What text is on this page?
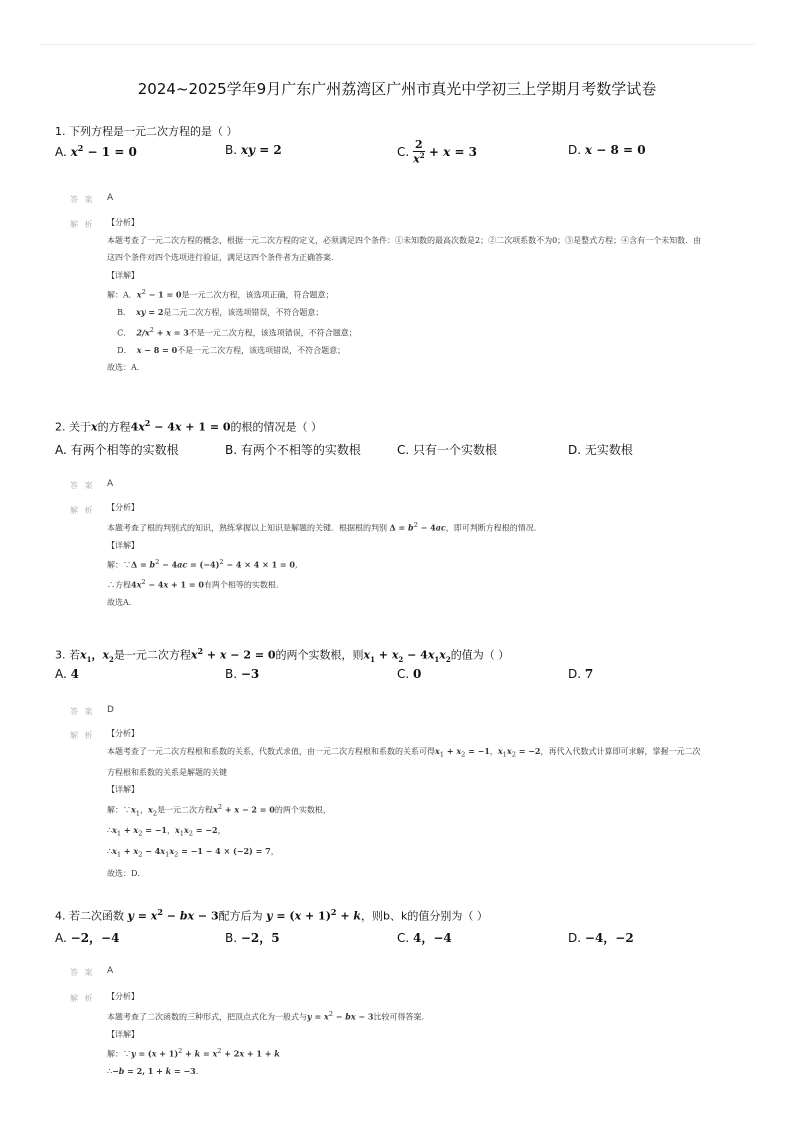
2024~2025学年9月广东广州荔湾区广州市真光中学初三上学期月考数学试卷
1. 下列方程是一元二次方程的是（ ）
A. $x^2 - 1 = 0$	B. xy = 2	C. $\frac{2}{x^2} + x = 3$	D. x − 8 = 0
答 案 A
解 析 【分析】
本题考查了一元二次方程的概念，根据一元二次方程的定义，必须满足四个条件：①未知数的最高次数是2；②二次项系数不为0；③是整式方程；④含有一个未知数．由这四个条件对四个选项进行验证，满足这四个条件者为正确答案．
【详解】
解：A．$x^2 - 1 = 0$是一元二次方程，该选项正确，符合题意；
B． xy = 2是二元二次方程，该选项错误，不符合题意；
C． $2/x^2 + x = 3$不是一元二次方程，该选项错误，不符合题意；
D． x − 8 = 0不是一元二次方程，该选项错误，不符合题意；
故选：A．
2. 关于x的方程$4x^2 - 4x + 1 = 0$的根的情况是（ ）
A. 有两个相等的实数根	B. 有两个不相等的实数根	C. 只有一个实数根	D. 无实数根
答 案 A
解 析 【分析】
本题考查了根的判别式的知识，熟练掌握以上知识是解题的关键．根据根的判别 $\Delta = b^2 - 4ac$，即可判断方程根的情况．
【详解】
解：∵Δ = $b^2 - 4ac = (-4)^2 - 4 \times 4 \times 1 = 0$,
∴方程$4x^2 - 4x + 1 = 0$有两个相等的实数根．
故选A．
3. 若$x_1$，$x_2$是一元二次方程$x^2 + x - 2 = 0$的两个实数根，则$x_1 + x_2 - 4x_1x_2$的值为（ ）
A. 4	B. −3	C. 0	D. 7
答 案 D
解 析 【分析】
本题考查了一元二次方程根和系数的关系，代数式求值，由一元二次方程根和系数的关系可得$x_1 + x_2 = -1$，$x_1x_2 = -2$，再代入代数式计算即可求解，掌握一元二次方程根和系数的关系是解题的关键
【详解】
解：$\because x_1$，$x_2$是一元二次方程$x^2 + x - 2 = 0$的两个实数根，
$\therefore x_1 + x_2 = -1$，$x_1x_2 = -2$，
$\therefore x_1 + x_2 - 4x_1x_2 = -1 - 4 \times (-2) = 7$，
故选：D．
4. 若二次函数 $y = x^2$ − bx − 3配方后为 $y = (x + 1)^2 + k$，则b、k的值分别为（ ）
A. −2，−4	B. −2，5	C. 4，−4	D. −4，−2
答 案 A
解 析 【分析】
本题考查了二次函数的三种形式，把顶点式化为一般式与$y = x^2$ − bx − 3比较可得答案．
【详解】
解：∵y = $(x + 1)^2 + k = x^2 + 2x + 1 + k$
∴−b = 2, 1 + k = −3.
